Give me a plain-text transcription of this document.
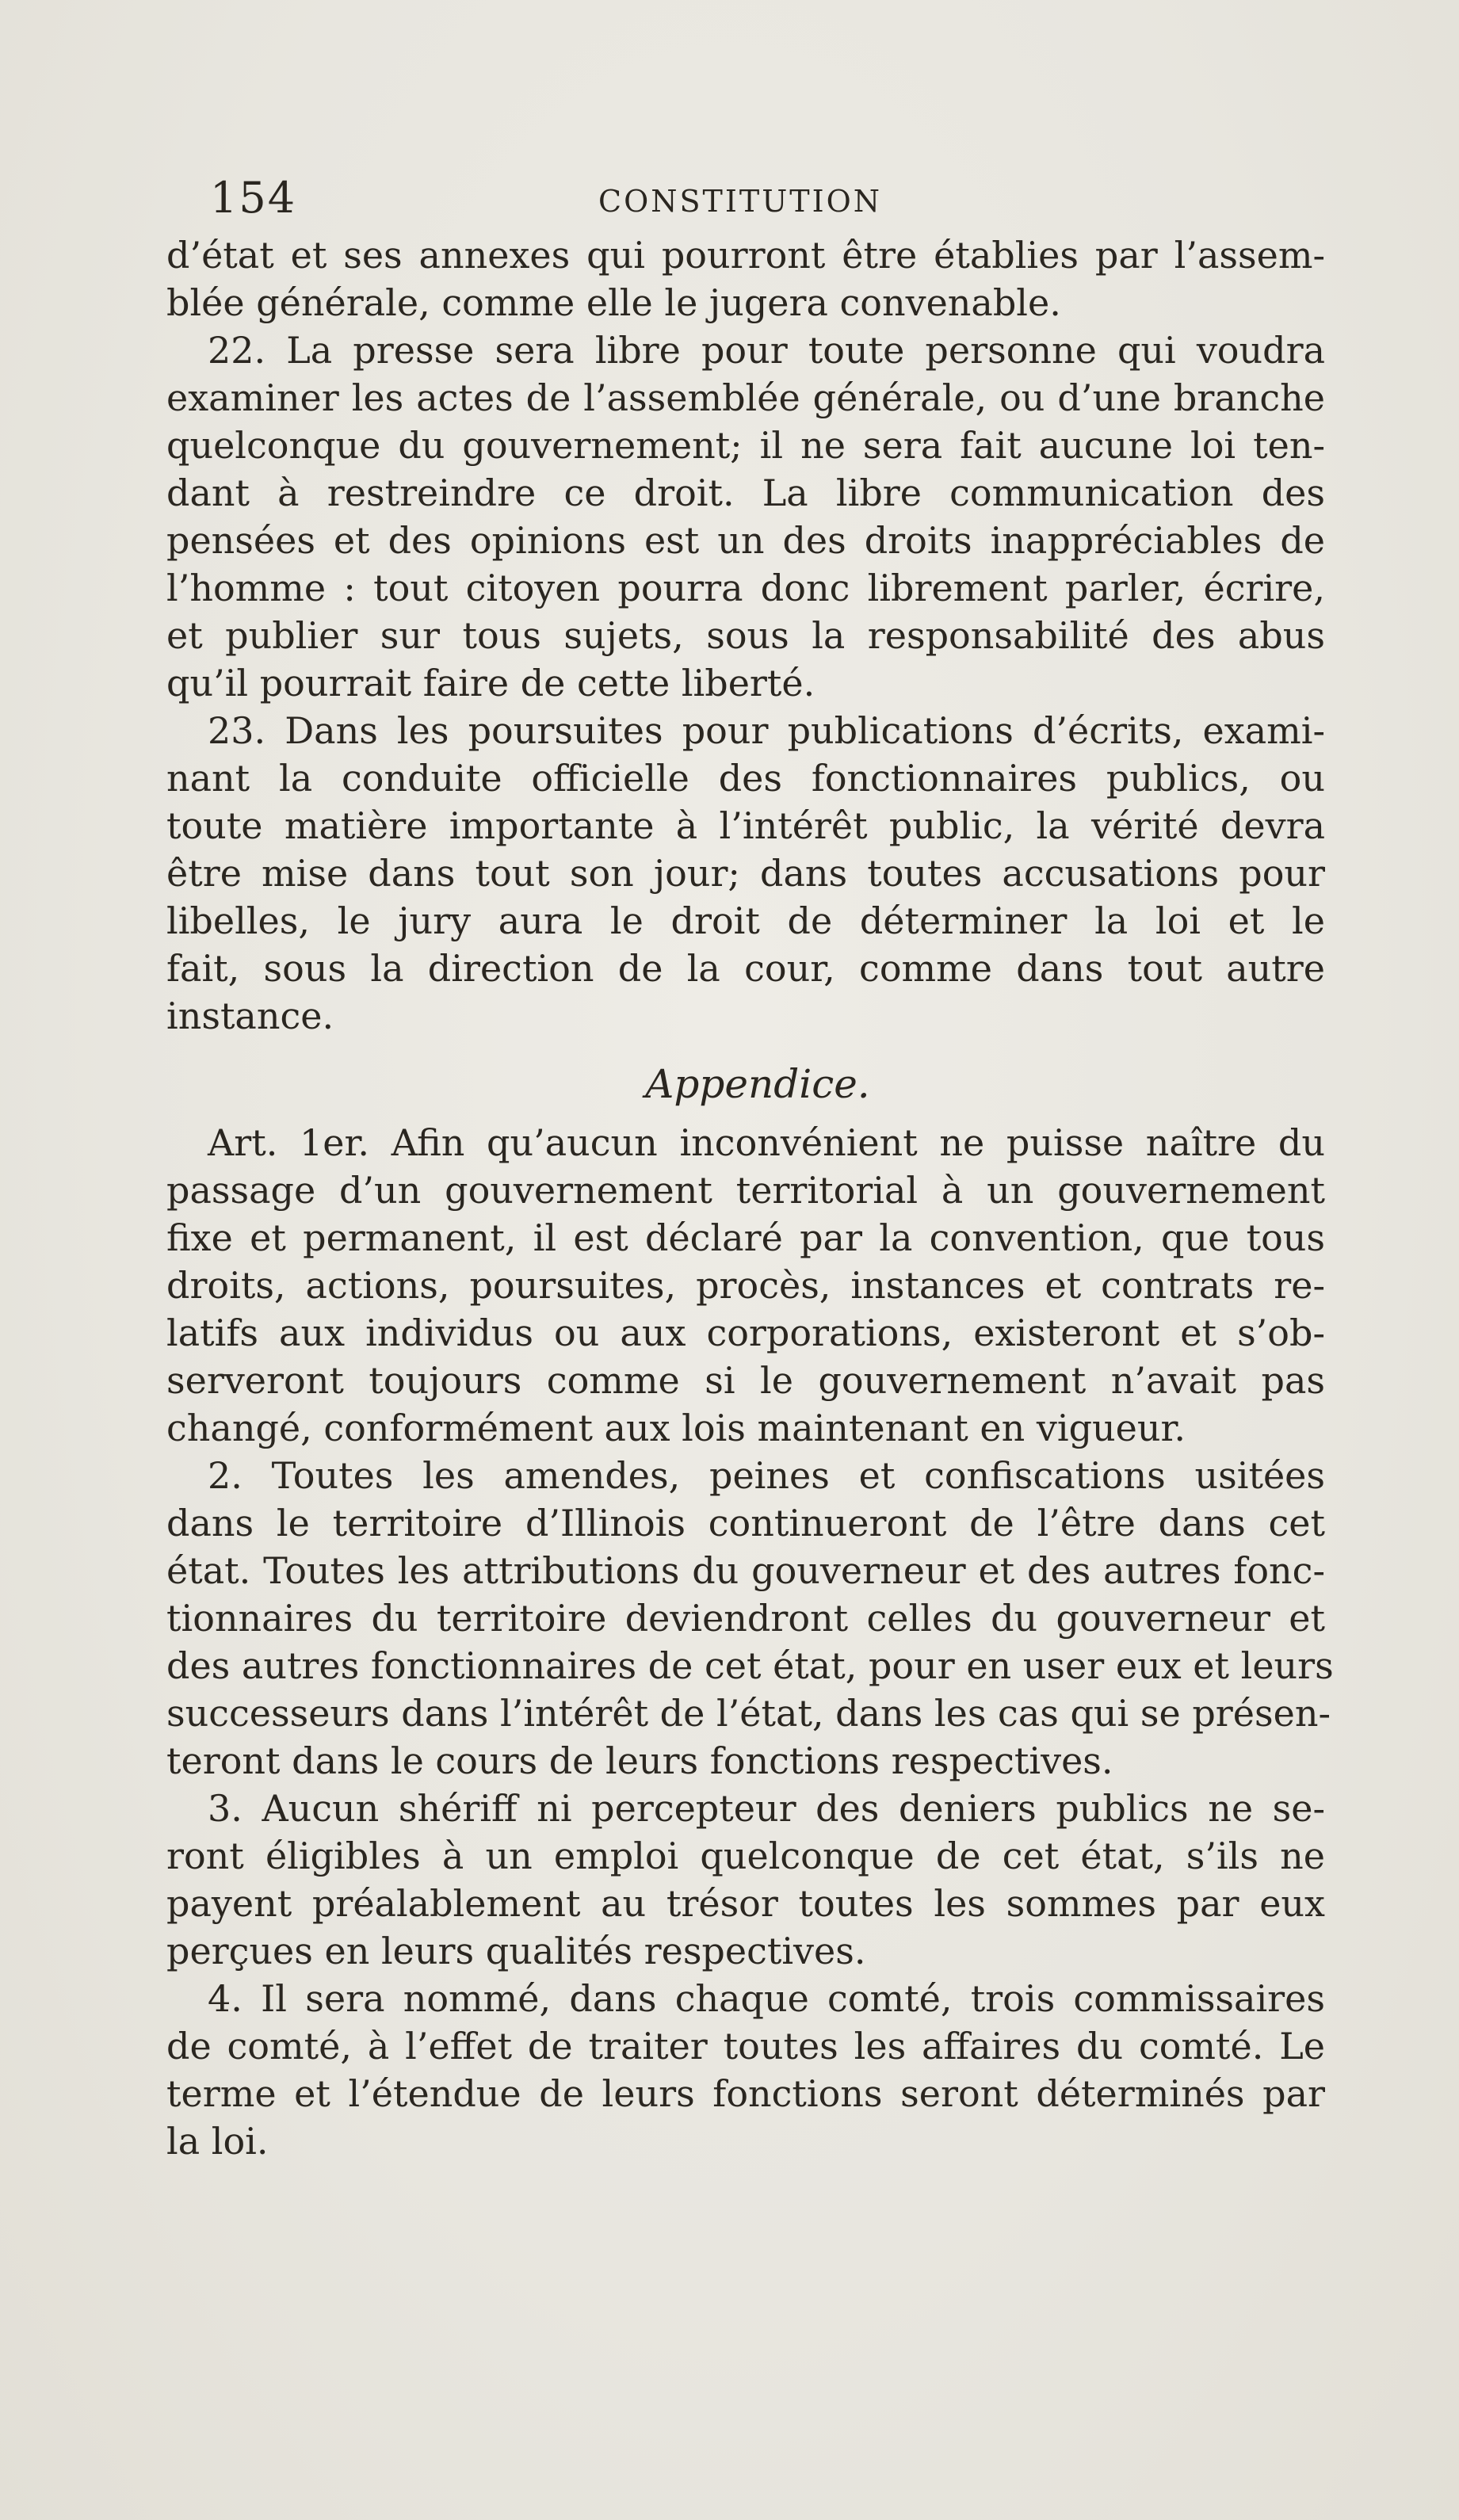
154	CONSTITUTION
d’état et ses annexes qui pourront être établies par l’assem-
blée générale, comme elle le jugera convenable.
22. La presse sera libre pour toute personne qui voudra
examiner les actes de l’assemblée générale, ou d’une branche
quelconque du gouvernement; il ne sera fait aucune loi ten-
dant à restreindre ce droit. La libre communication des
pensées et des opinions est un des droits inappréciables de
l’homme : tout citoyen pourra donc librement parler, écrire,
et publier sur tous sujets, sous la responsabilité des abus
qu’il pourrait faire de cette liberté.
23. Dans les poursuites pour publications d’écrits, exami-
nant la conduite officielle des fonctionnaires publics, ou
toute matière importante à l’intérêt public, la vérité devra
être mise dans tout son jour; dans toutes accusations pour
libelles, le jury aura le droit de déterminer la loi et le
fait, sous la direction de la cour, comme dans tout autre
instance.
Appendice.
Art. 1er. Afin qu’aucun inconvénient ne puisse naître du
passage d’un gouvernement territorial à un gouvernement
fixe et permanent, il est déclaré par la convention, que tous
droits, actions, poursuites, procès, instances et contrats re-
latifs aux individus ou aux corporations, existeront et s’ob-
serveront toujours comme si le gouvernement n’avait pas
changé, conformément aux lois maintenant en vigueur.
2. Toutes les amendes, peines et confiscations usitées
dans le territoire d’Illinois continueront de l’être dans cet
état. Toutes les attributions du gouverneur et des autres fonc-
tionnaires du territoire deviendront celles du gouverneur et
des autres fonctionnaires de cet état, pour en user eux et leurs
successeurs dans l’intérêt de l’état, dans les cas qui se présen-
teront dans le cours de leurs fonctions respectives.
3. Aucun shériff ni percepteur des deniers publics ne se-
ront éligibles à un emploi quelconque de cet état, s’ils ne
payent préalablement au trésor toutes les sommes par eux
perçues en leurs qualités respectives.
4. Il sera nommé, dans chaque comté, trois commissaires
de comté, à l’effet de traiter toutes les affaires du comté. Le
terme et l’étendue de leurs fonctions seront déterminés par
la loi.
